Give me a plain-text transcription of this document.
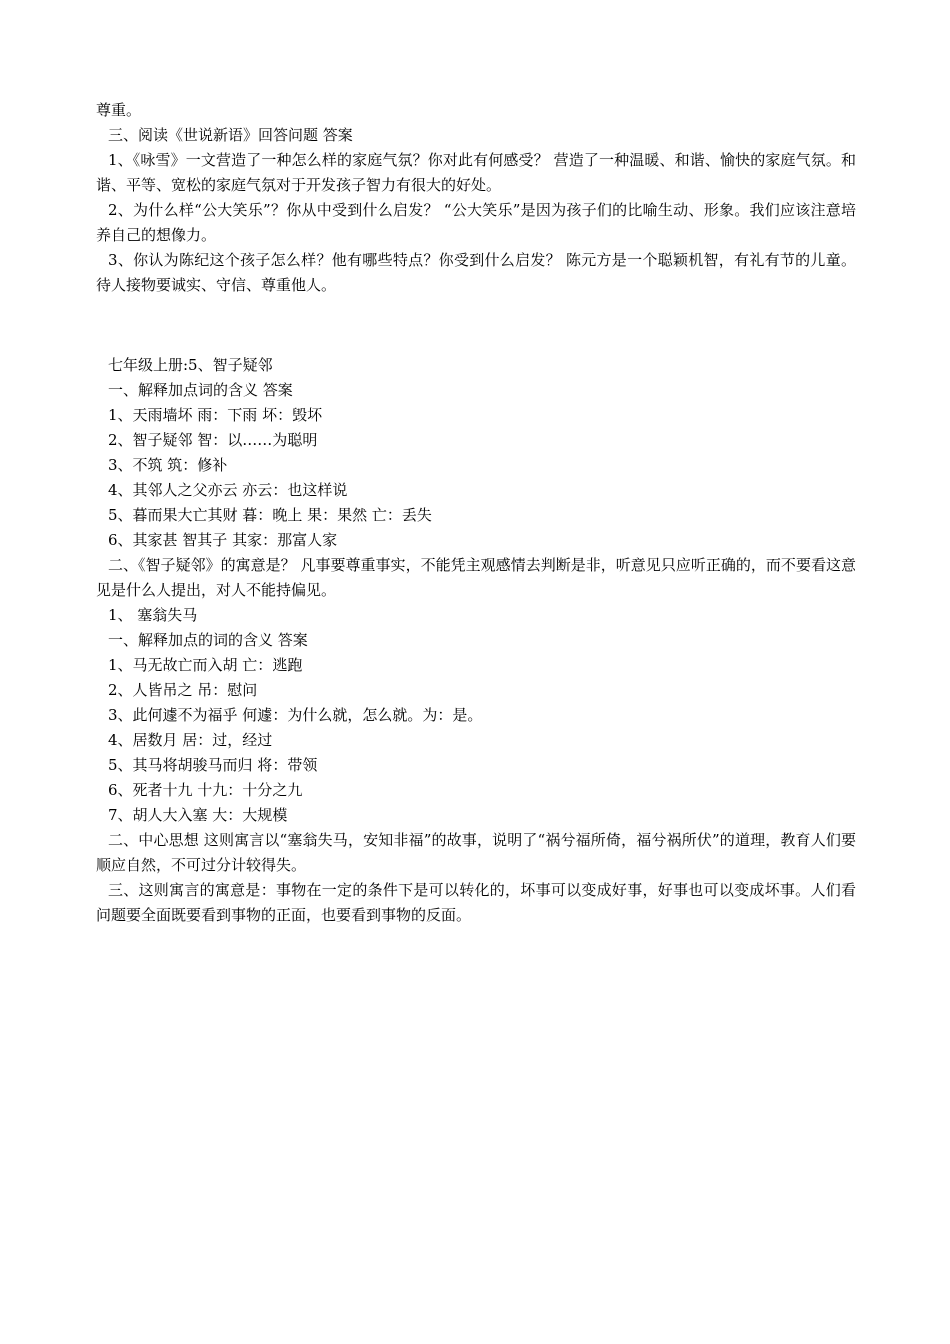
尊重。

三、阅读《世说新语》回答问题 答案

1、《咏雪》一文营造了一种怎么样的家庭气氛？你对此有何感受？ 营造了一种温暖、和谐、愉快的家庭气氛。和谐、平等、宽松的家庭气氛对于开发孩子智力有很大的好处。

2、为什么样“公大笑乐”？你从中受到什么启发？ “公大笑乐”是因为孩子们的比喻生动、形象。我们应该注意培养自己的想像力。

3、你认为陈纪这个孩子怎么样？他有哪些特点？你受到什么启发？ 陈元方是一个聪颖机智，有礼有节的儿童。待人接物要诚实、守信、尊重他人。

七年级上册:5、智子疑邻

一、解释加点词的含义 答案

1、天雨墙坏 雨：下雨 坏：毁坏

2、智子疑邻 智：以……为聪明

3、不筑 筑：修补

4、其邻人之父亦云 亦云：也这样说

5、暮而果大亡其财 暮：晚上 果：果然 亡：丢失

6、其家甚 智其子 其家：那富人家

二、《智子疑邻》的寓意是？ 凡事要尊重事实，不能凭主观感情去判断是非，听意见只应听正确的，而不要看这意见是什么人提出，对人不能持偏见。

1、 塞翁失马

一、解释加点的词的含义 答案

1、马无故亡而入胡 亡：逃跑

2、人皆吊之 吊：慰问

3、此何遽不为福乎 何遽：为什么就，怎么就。为：是。

4、居数月 居：过，经过

5、其马将胡骏马而归 将：带领

6、死者十九 十九：十分之九

7、胡人大入塞 大：大规模

二、中心思想 这则寓言以“塞翁失马，安知非福”的故事，说明了“祸兮福所倚，福兮祸所伏”的道理，教育人们要顺应自然，不可过分计较得失。

三、这则寓言的寓意是：事物在一定的条件下是可以转化的，坏事可以变成好事，好事也可以变成坏事。人们看问题要全面既要看到事物的正面，也要看到事物的反面。
